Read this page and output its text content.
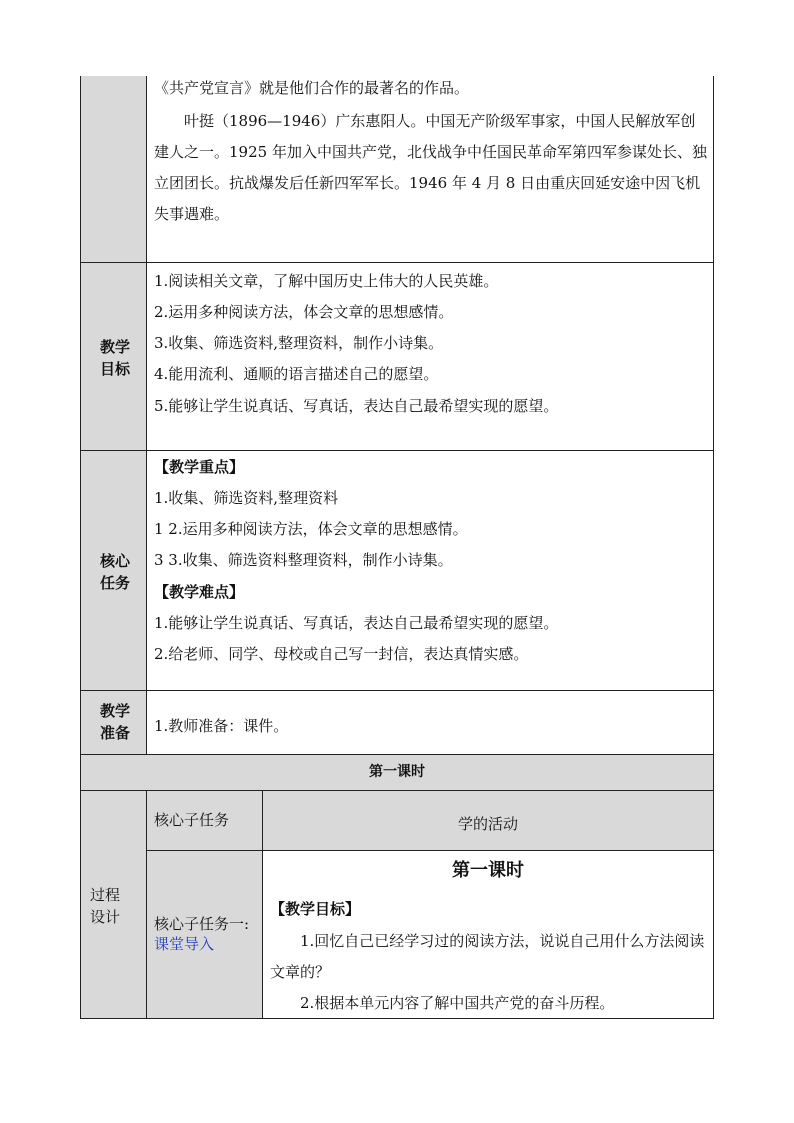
《共产党宣言》就是他们合作的最著名的作品。
叶挺（1896—1946）广东惠阳人。中国无产阶级军事家，中国人民解放军创建人之一。1925 年加入中国共产党，北伐战争中任国民革命军第四军参谋处长、独立团团长。抗战爆发后任新四军军长。1946 年 4 月 8 日由重庆回延安途中因飞机失事遇难。
教学
目标
1.阅读相关文章，了解中国历史上伟大的人民英雄。
2.运用多种阅读方法，体会文章的思想感情。
3.收集、筛选资料,整理资料，制作小诗集。
4.能用流利、通顺的语言描述自己的愿望。
5.能够让学生说真话、写真话，表达自己最希望实现的愿望。
核心
任务
【教学重点】
1.收集、筛选资料,整理资料
1 2.运用多种阅读方法，体会文章的思想感情。
3 3.收集、筛选资料整理资料，制作小诗集。
【教学难点】
1.能够让学生说真话、写真话，表达自己最希望实现的愿望。
2.给老师、同学、母校或自己写一封信，表达真情实感。
教学
准备 1.教师准备：课件。
第一课时
过程
设计
核心子任务	学的活动
核心子任务一:
课堂导入
第一课时
【教学目标】
1.回忆自己已经学习过的阅读方法，说说自己用什么方法阅读文章的？
2.根据本单元内容了解中国共产党的奋斗历程。
